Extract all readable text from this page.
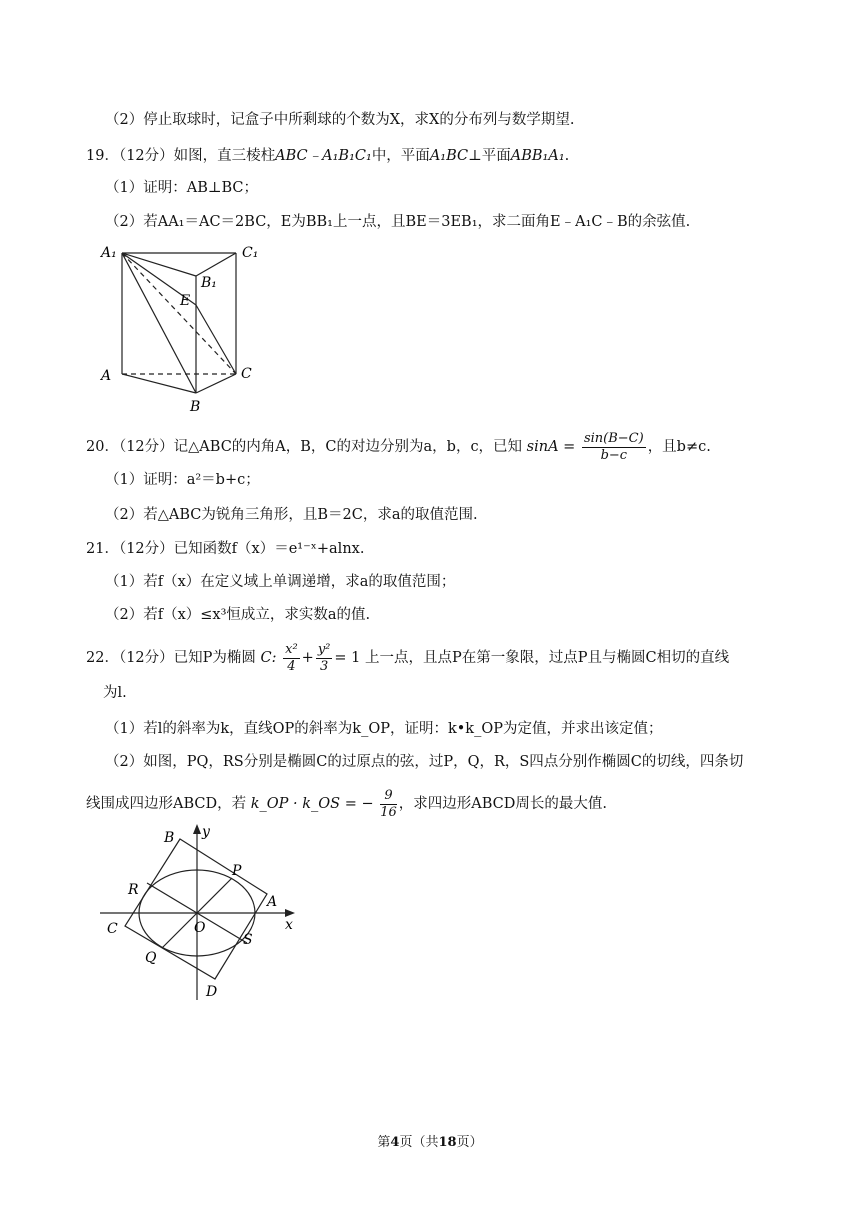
（2）停止取球时，记盒子中所剩球的个数为X，求X的分布列与数学期望.
19．（12分）如图，直三棱柱ABC﹣A₁B₁C₁中，平面A₁BC⊥平面ABB₁A₁.
（1）证明：AB⊥BC；
（2）若AA₁＝AC＝2BC，E为BB₁上一点，且BE＝3EB₁，求二面角E﹣A₁C﹣B的余弦值.
A₁	C₁
B₁
E
A	C
B
20．（12分）记△ABC的内角A，B，C的对边分别为a，b，c，已知 $\sin A = \frac{\sin(B-C)}{b-c}$ ，且b≠c.
（1）证明：a²＝b+c；
（2）若△ABC为锐角三角形，且B＝2C，求a的取值范围.
21．（12分）已知函数f（x）＝e¹⁻ˣ+alnx.
（1）若f（x）在定义域上单调递增，求a的取值范围；
（2）若f（x）≤x³恒成立，求实数a的值.
22．（12分）已知P为椭圆 C: $\frac{\text{x²}}{4} + \frac{\text{y²}}{3} = 1$ 上一点，且点P在第一象限，过点P且与椭圆C相切的直线
为l.
（1）若l的斜率为k，直线OP的斜率为k_OP，证明：k•k_OP为定值，并求出该定值；
（2）如图，PQ，RS分别是椭圆C的过原点的弦，过P，Q，R，S四点分别作椭圆C的切线，四条切
线围成四边形ABCD，若 k_OP · k_OS = − $\frac{9}{16}$ ，求四边形ABCD周长的最大值.
B y
P
R
A
x
C	O
S
Q
D
第4页（共18页）
